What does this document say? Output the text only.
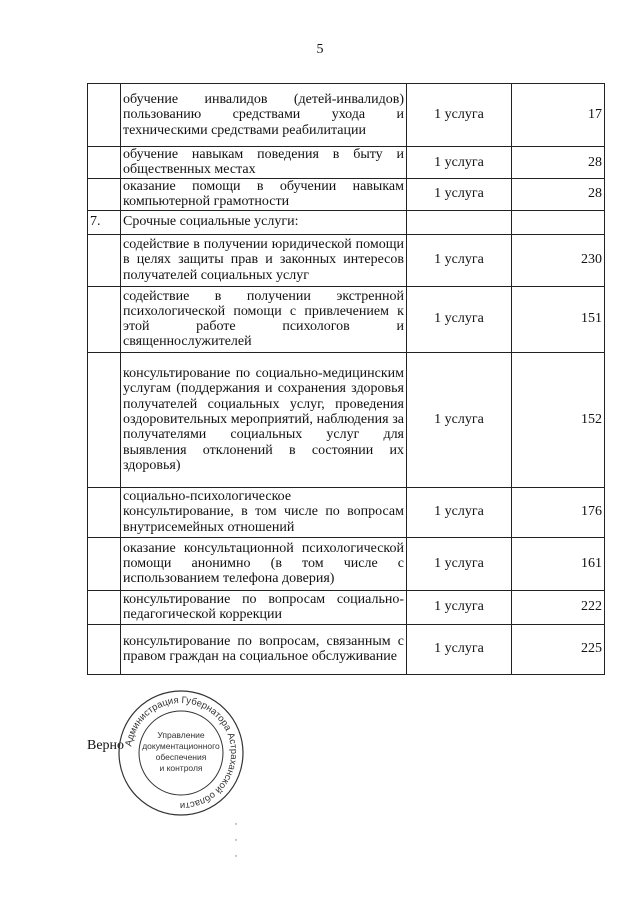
5
	обучение инвалидов (детей-инвалидов) пользованию средствами ухода и техническими средствами реабилитации	1 услуга	17
	обучение навыкам поведения в быту и общественных местах	1 услуга	28
	оказание помощи в обучении навыкам компьютерной грамотности	1 услуга	28
7.	Срочные социальные услуги:		
	содействие в получении юридической помощи в целях защиты прав и законных интересов получателей социальных услуг	1 услуга	230
	содействие в получении экстренной психологической помощи с привлечением к этой работе психологов и священнослужителей	1 услуга	151
	консультирование по социально-медицинским услугам (поддержания и сохранения здоровья получателей социальных услуг, проведения оздоровительных мероприятий, наблюдения за получателями социальных услуг для выявления отклонений в состоянии их здоровья)	1 услуга	152
	социально-психологическое консультирование, в том числе по вопросам внутрисемейных отношений	1 услуга	176
	оказание консультационной психологической помощи анонимно (в том числе с использованием телефона доверия)	1 услуга	161
	консультирование по вопросам социально-педагогической коррекции	1 услуга	222
	консультирование по вопросам, связанным с правом граждан на социальное обслуживание	1 услуга	225
Верно Администрация Губернатора Астраханской области
Управление
документационного
обеспечения
и контроля
